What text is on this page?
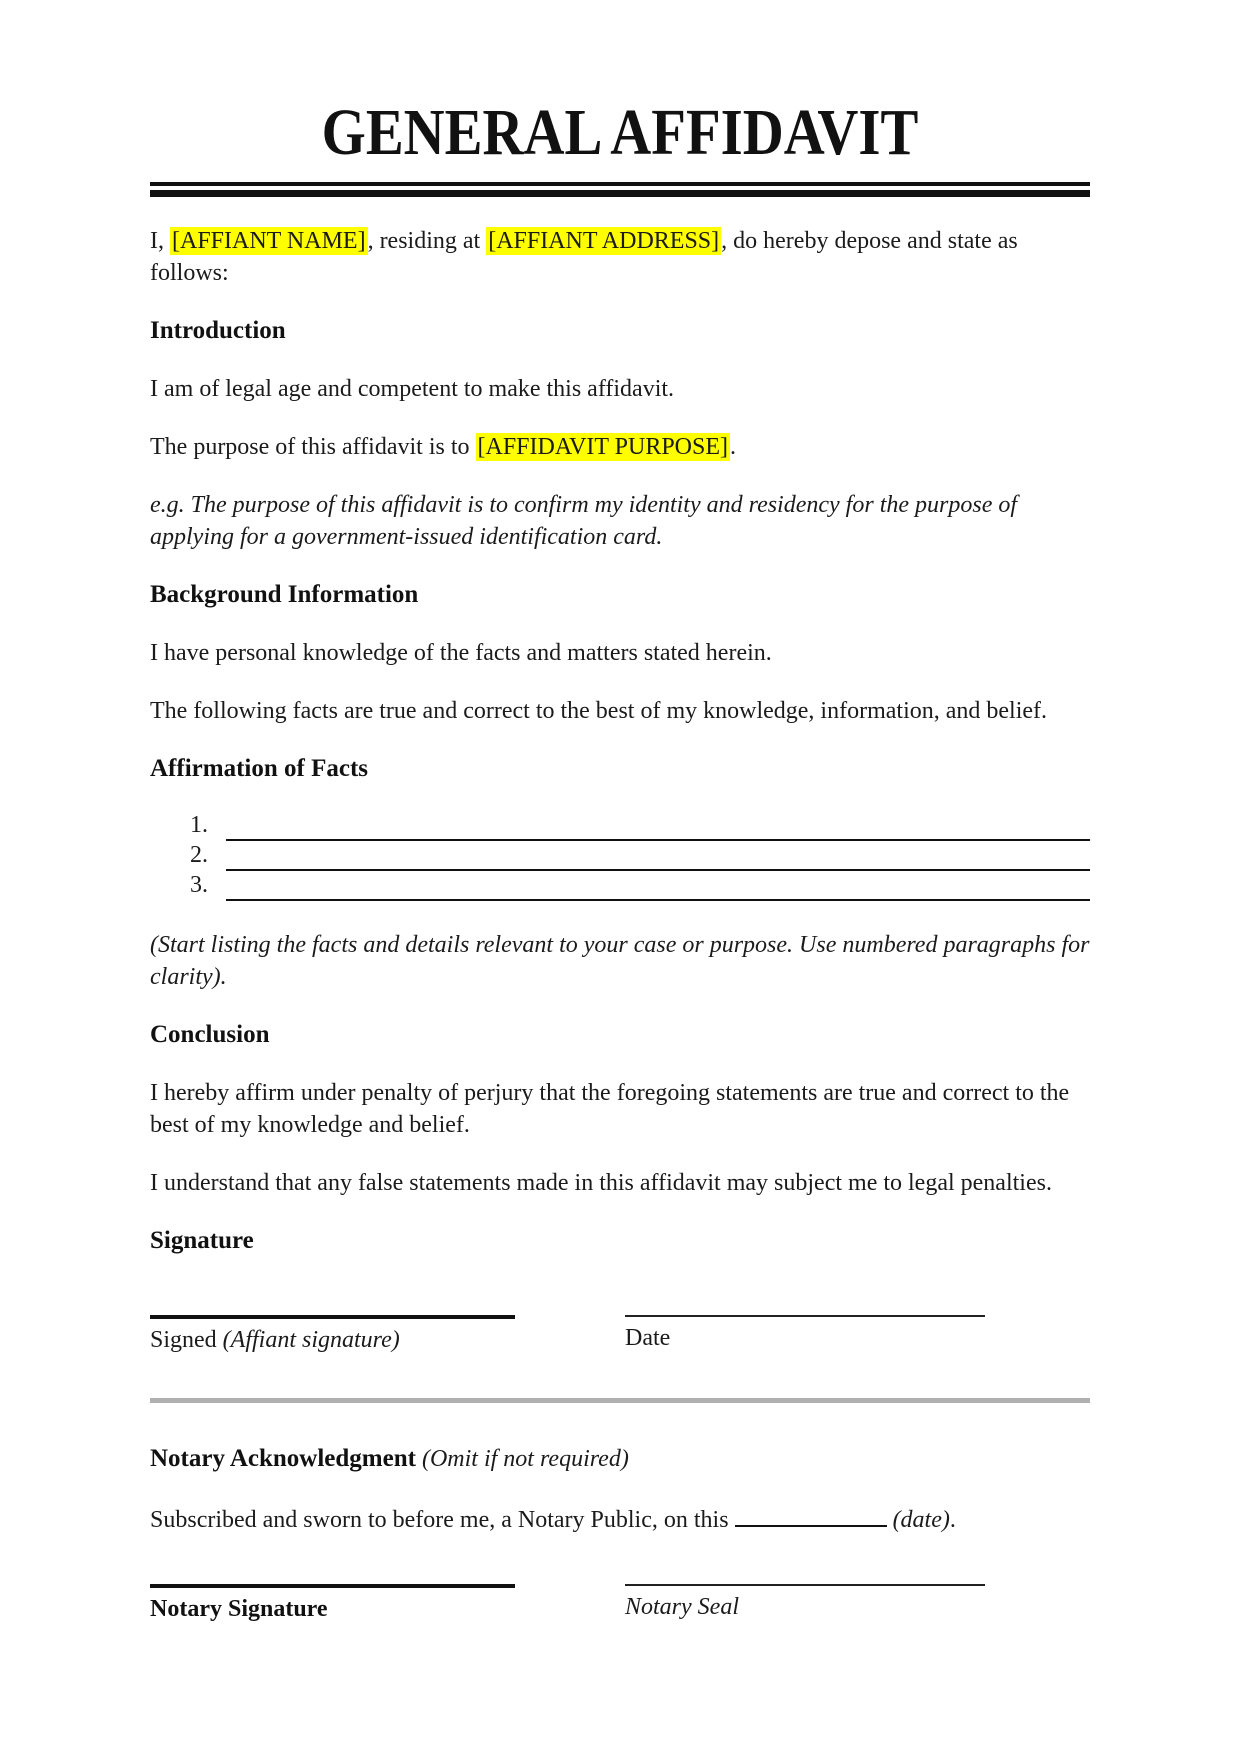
GENERAL AFFIDAVIT

I, [AFFIANT NAME], residing at [AFFIANT ADDRESS], do hereby depose and state as follows:

Introduction

I am of legal age and competent to make this affidavit.

The purpose of this affidavit is to [AFFIDAVIT PURPOSE].

e.g. The purpose of this affidavit is to confirm my identity and residency for the purpose of applying for a government-issued identification card.

Background Information

I have personal knowledge of the facts and matters stated herein.

The following facts are true and correct to the best of my knowledge, information, and belief.

Affirmation of Facts
1.
2.
3.

(Start listing the facts and details relevant to your case or purpose. Use numbered paragraphs for clarity).

Conclusion

I hereby affirm under penalty of perjury that the foregoing statements are true and correct to the best of my knowledge and belief.

I understand that any false statements made in this affidavit may subject me to legal penalties.

Signature
Signed (Affiant signature)	Date

Notary Acknowledgment (Omit if not required)

Subscribed and sworn to before me, a Notary Public, on this	(date).

Notary Signature	Notary Seal
